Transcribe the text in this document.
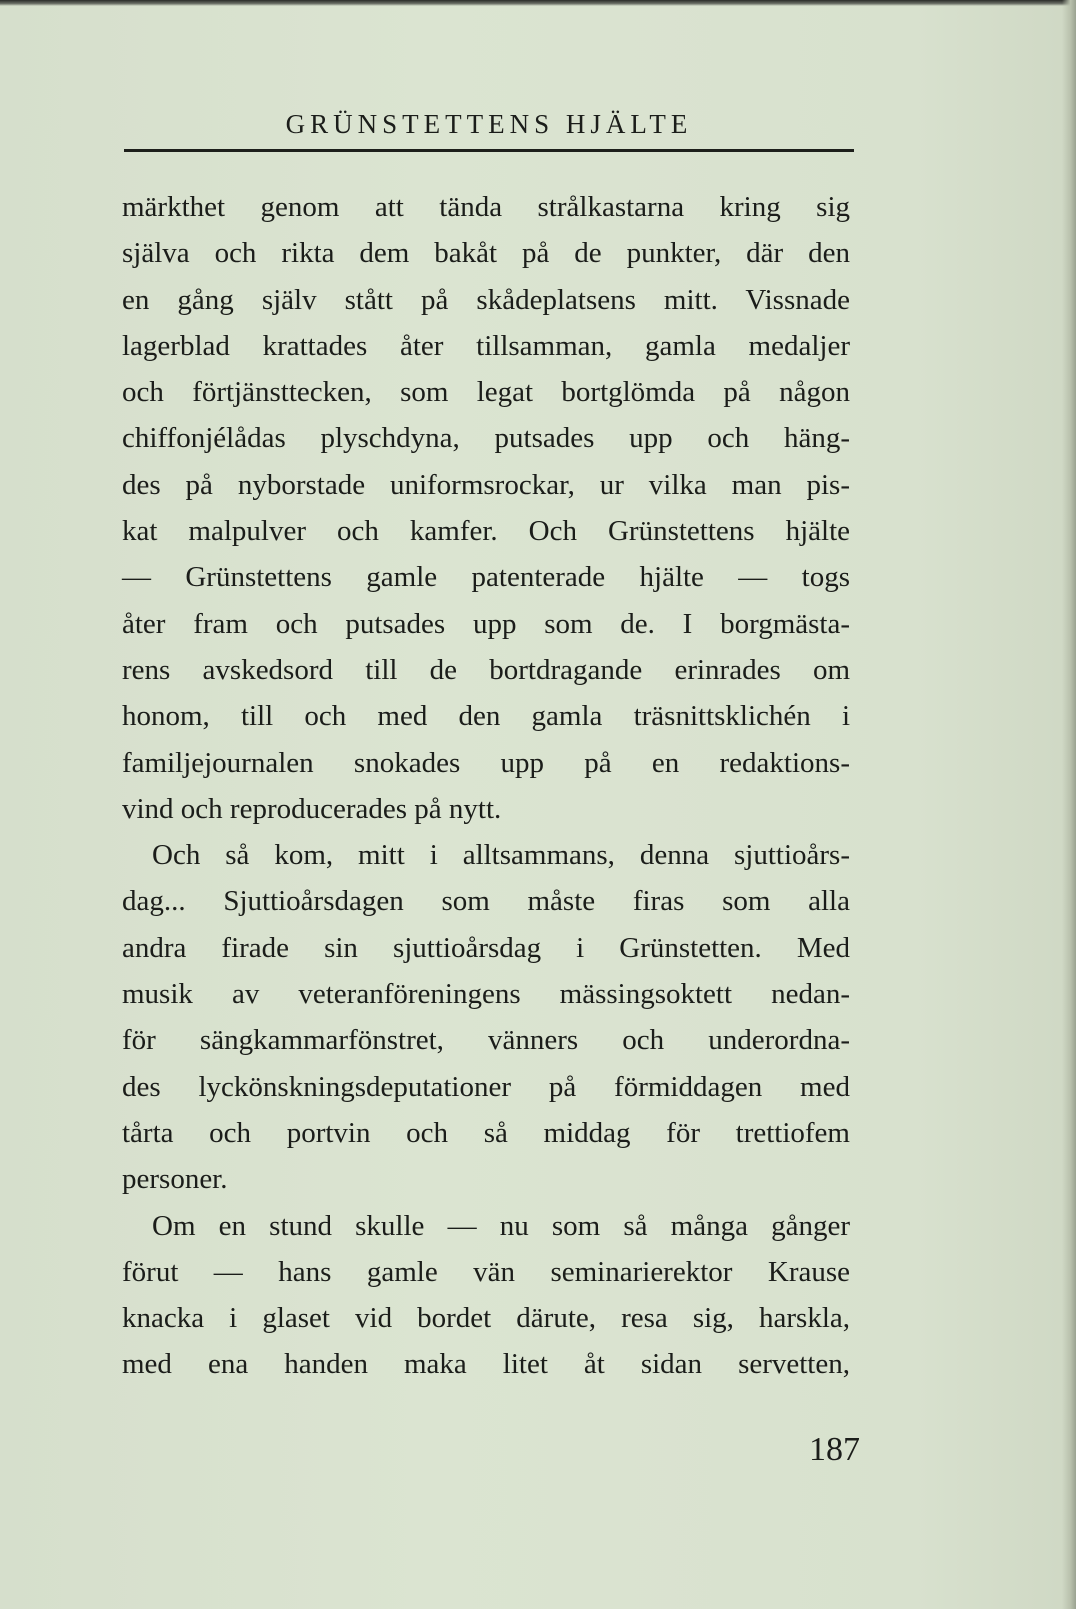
GRÜNSTETTENS HJÄLTE

märkthet genom att tända strålkastarna kring sig
själva och rikta dem bakåt på de punkter, där den
en gång själv stått på skådeplatsens mitt. Vissnade
lagerblad krattades åter tillsamman, gamla medaljer
och förtjänsttecken, som legat bortglömda på någon
chiffonjélådas plyschdyna, putsades upp och häng-
des på nyborstade uniformsrockar, ur vilka man pis-
kat malpulver och kamfer. Och Grünstettens hjälte
— Grünstettens gamle patenterade hjälte — togs
åter fram och putsades upp som de. I borgmästa-
rens avskedsord till de bortdragande erinrades om
honom, till och med den gamla träsnittsklichén i
familjejournalen snokades upp på en redaktions-
vind och reproducerades på nytt.

Och så kom, mitt i alltsammans, denna sjuttioårs-
dag... Sjuttioårsdagen som måste firas som alla
andra firade sin sjuttioårsdag i Grünstetten. Med
musik av veteranföreningens mässingsoktett nedan-
för sängkammarfönstret, vänners och underordna-
des lyckönskningsdeputationer på förmiddagen med
tårta och portvin och så middag för trettiofem
personer.

Om en stund skulle — nu som så många gånger
förut — hans gamle vän seminarierektor Krause
knacka i glaset vid bordet därute, resa sig, harskla,
med ena handen maka litet åt sidan servetten,

187
